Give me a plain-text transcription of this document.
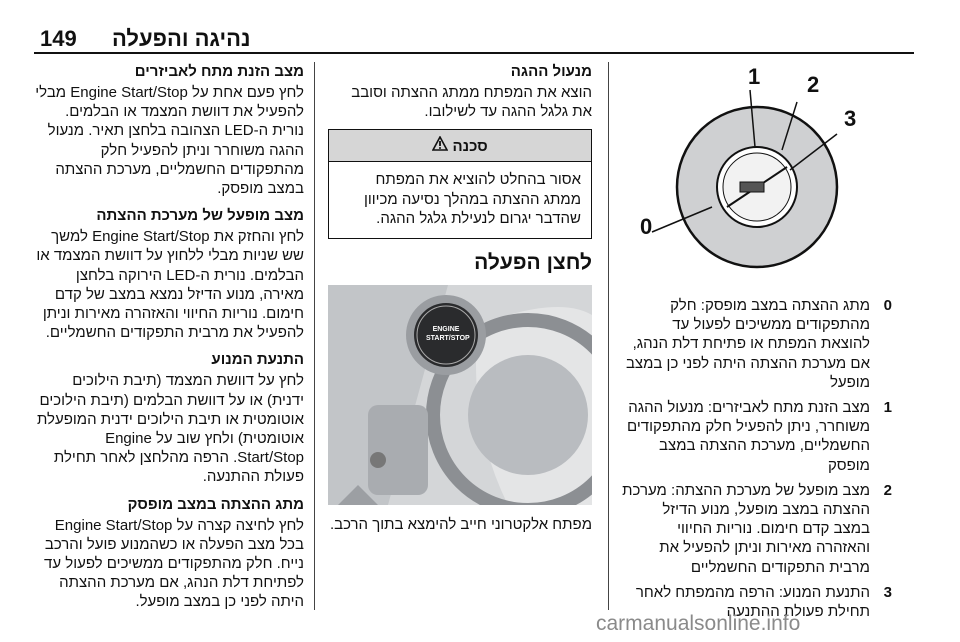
149 נהיגה והפעלה
מצב הזנת מתח לאביזרים
לחץ פעם אחת על Engine Start/Stop מבלי להפעיל את דוושת המצמד או הבלמים. נורית ה-LED הצהובה בלחצן תאיר. מנעול ההגה משוחרר וניתן להפעיל חלק מהתפקודים החשמליים, מערכת ההצתה במצב מופסק.
מצב מופעל של מערכת ההצתה
לחץ והחזק את Engine Start/Stop למשך שש שניות מבלי ללחוץ על דוושת המצמד או הבלמים. נורית ה-LED הירוקה בלחצן מאירה, מנוע הדיזל נמצא במצב של קדם חימום. נוריות החיווי והאזהרה מאירות וניתן להפעיל את מרבית התפקודים החשמליים.
התנעת המנוע
לחץ על דוושת המצמד (תיבת הילוכים ידנית) או על דוושת הבלמים (תיבת הילוכים אוטומטית או תיבת הילוכים ידנית המופעלת אוטומטית) ולחץ שוב על Engine Start/Stop. הרפה מהלחצן לאחר תחילת פעולת ההתנעה.
מתג ההצתה במצב מופסק
לחץ לחיצה קצרה על Engine Start/Stop בכל מצב הפעלה או כשהמנוע פועל והרכב נייח. חלק מהתפקודים ממשיכים לפעול עד לפתיחת דלת הנהג, אם מערכת ההצתה היתה לפני כן במצב מופעל.
מנעול ההגה
הוצא את המפתח ממתג ההצתה וסובב את גלגל ההגה עד לשילובו.
סכנה
אסור בהחלט להוציא את המפתח ממתג ההצתה במהלך נסיעה מכיוון שהדבר יגרום לנעילת גלגל ההגה.
לחצן הפעלה
ENGINE
START/STOP
מפתח אלקטרוני חייב להימצא בתוך הרכב.
1 2
3
0
0
מתג ההצתה במצב מופסק: חלק מהתפקודים ממשיכים לפעול עד להוצאת המפתח או פתיחת דלת הנהג, אם מערכת ההצתה היתה לפני כן במצב מופעל
1
מצב הזנת מתח לאביזרים: מנעול ההגה משוחרר, ניתן להפעיל חלק מהתפקודים החשמליים, מערכת ההצתה במצב מופסק
2
מצב מופעל של מערכת ההצתה: מערכת ההצתה במצב מופעל, מנוע הדיזל במצב קדם חימום. נוריות החיווי והאזהרה מאירות וניתן להפעיל את מרבית התפקודים החשמליים
3
התנעת המנוע: הרפה מהמפתח לאחר תחילת פעולת ההתנעה
carmanualsonline.info
